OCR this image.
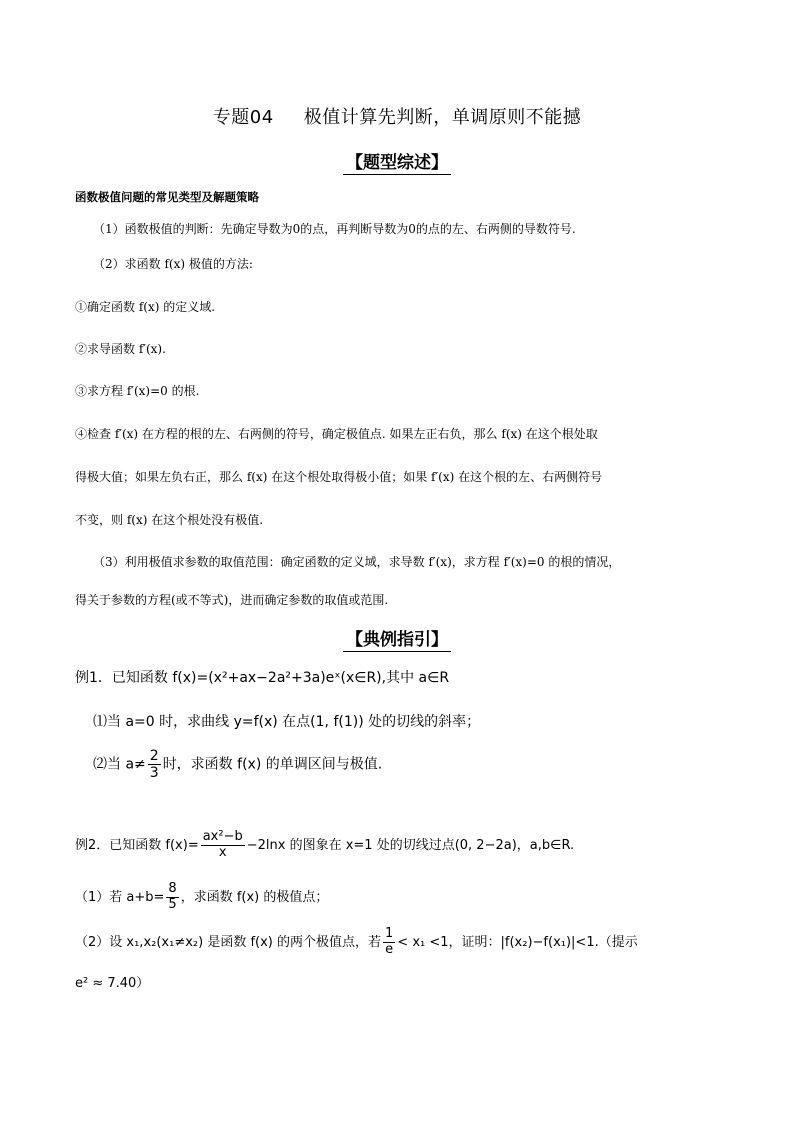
专题04 极值计算先判断，单调原则不能撼
【题型综述】
函数极值问题的常见类型及解题策略
（1）函数极值的判断：先确定导数为0的点，再判断导数为0的点的左、右两侧的导数符号.
（2）求函数 f(x) 极值的方法:
①确定函数 f(x) 的定义域.
②求导函数 f′(x).
③求方程 f′(x)=0 的根.
④检查 f′(x) 在方程的根的左、右两侧的符号，确定极值点. 如果左正右负，那么 f(x) 在这个根处取
得极大值；如果左负右正，那么 f(x) 在这个根处取得极小值；如果 f′(x) 在这个根的左、右两侧符号
不变，则 f(x) 在这个根处没有极值.
（3）利用极值求参数的取值范围：确定函数的定义域，求导数 f′(x)，求方程 f′(x)=0 的根的情况，
得关于参数的方程(或不等式)，进而确定参数的取值或范围.
【典例指引】
例1．已知函数 f(x)=(x²+ax−2a²+3a)eˣ(x∈R),其中 a∈R
⑴当 a=0 时，求曲线 y=f(x) 在点(1, f(1)) 处的切线的斜率；
⑵当 $a\ne \frac{2}{3}$ 时，求函数 f(x) 的单调区间与极值.
例2．已知函数 $f(x)= \frac{\text{ax²−b}}{x} -2\ln x$ 的图象在 x=1 处的切线过点(0, 2−2a)，a,b∈R.
（1）若 $a+b= \frac{8}{5}$ ，求函数 f(x) 的极值点；
（2）设 x₁,x₂(x₁≠x₂) 是函数 f(x) 的两个极值点，若 $\frac{1}{e} < x_1 <1$，证明：|f(x₂)−f(x₁)|<1.（提示
e² ≈ 7.40）
